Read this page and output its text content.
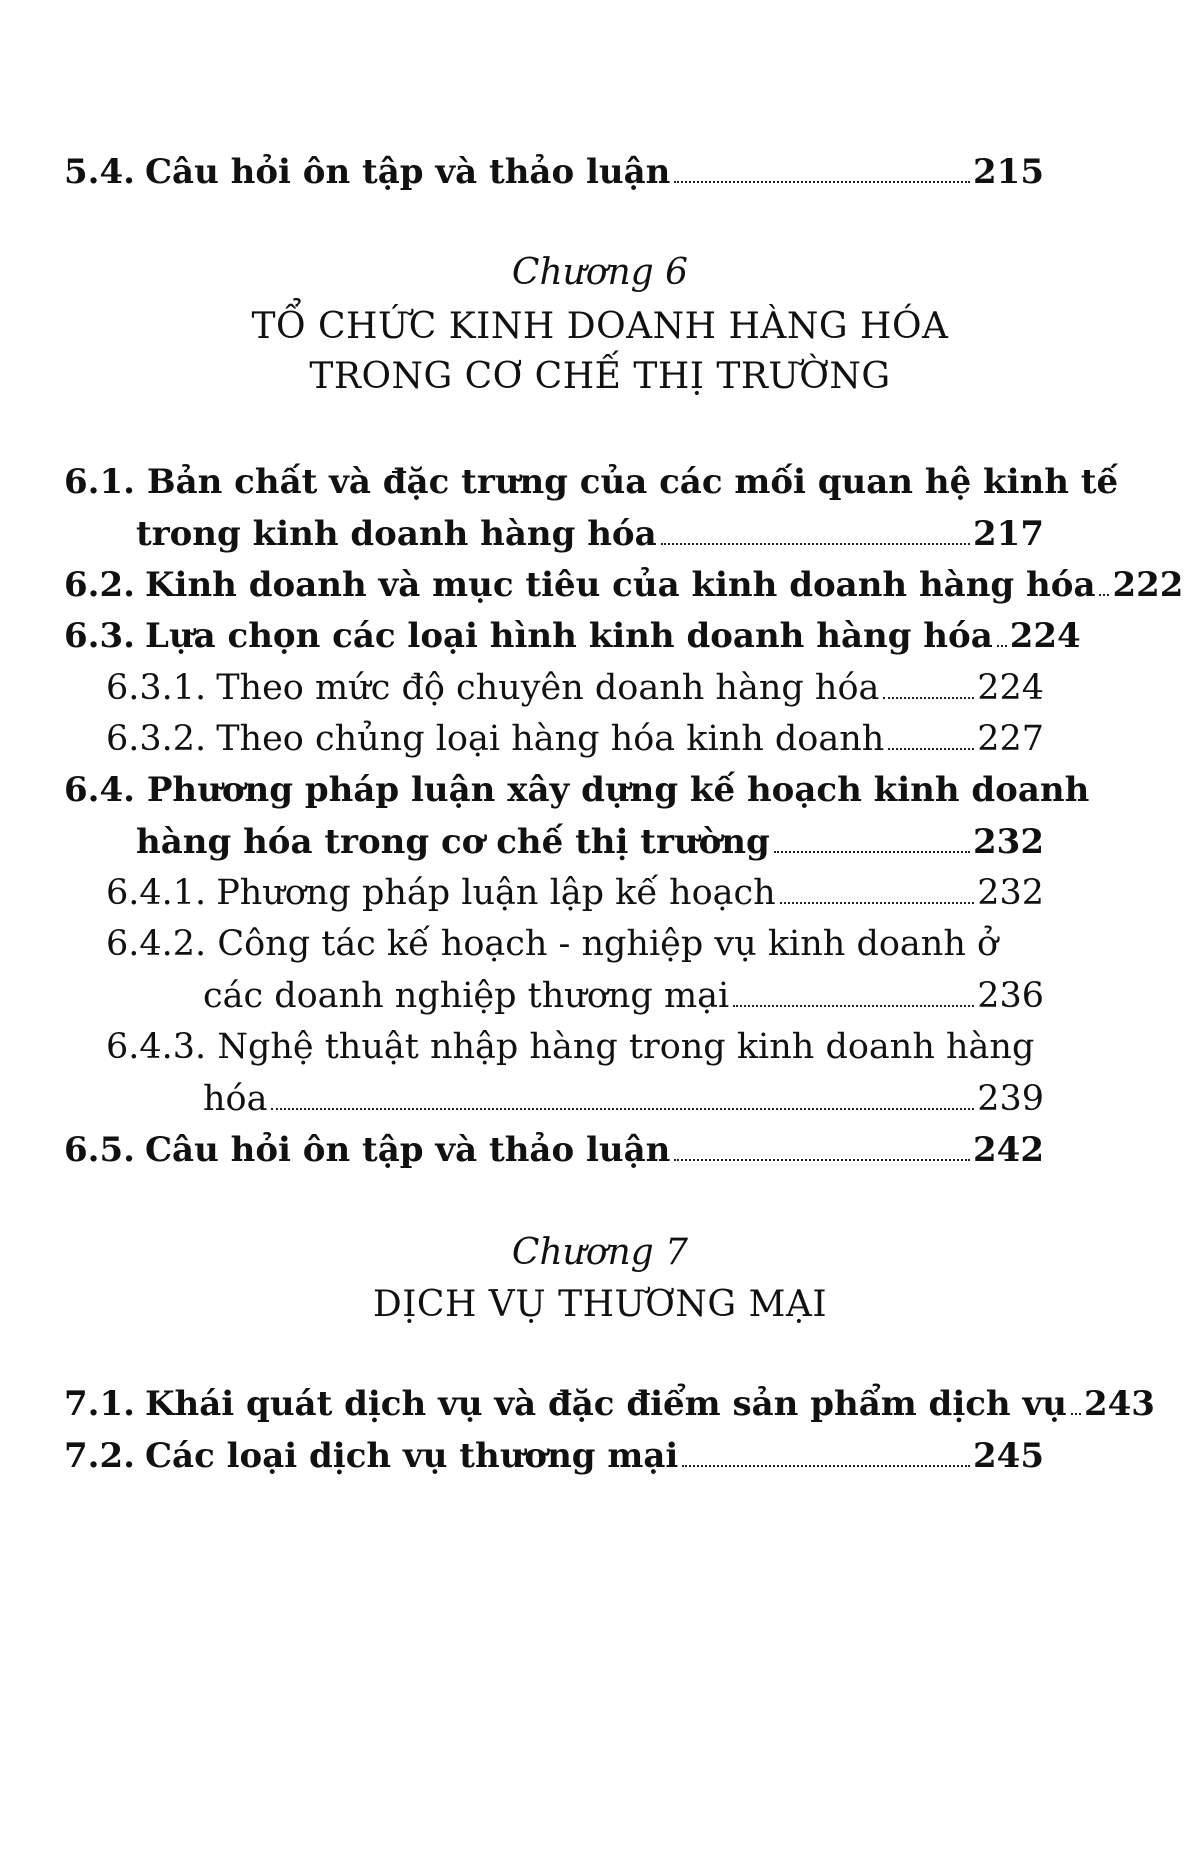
5.4. Câu hỏi ôn tập và thảo luận	215
Chương 6
TỔ CHỨC KINH DOANH HÀNG HÓA
TRONG CƠ CHẾ THỊ TRƯỜNG
6.1. Bản chất và đặc trưng của các mối quan hệ kinh tế
trong kinh doanh hàng hóa	217
6.2. Kinh doanh và mục tiêu của kinh doanh hàng hóa 222
6.3. Lựa chọn các loại hình kinh doanh hàng hóa 224
6.3.1. Theo mức độ chuyên doanh hàng hóa	224
6.3.2. Theo chủng loại hàng hóa kinh doanh	227
6.4. Phương pháp luận xây dựng kế hoạch kinh doanh
hàng hóa trong cơ chế thị trường	232
6.4.1. Phương pháp luận lập kế hoạch	232
6.4.2. Công tác kế hoạch - nghiệp vụ kinh doanh ở
các doanh nghiệp thương mại	236
6.4.3. Nghệ thuật nhập hàng trong kinh doanh hàng
hóa	239
6.5. Câu hỏi ôn tập và thảo luận	242
Chương 7
DỊCH VỤ THƯƠNG MẠI
7.1. Khái quát dịch vụ và đặc điểm sản phẩm dịch vụ 243
7.2. Các loại dịch vụ thương mại	245
